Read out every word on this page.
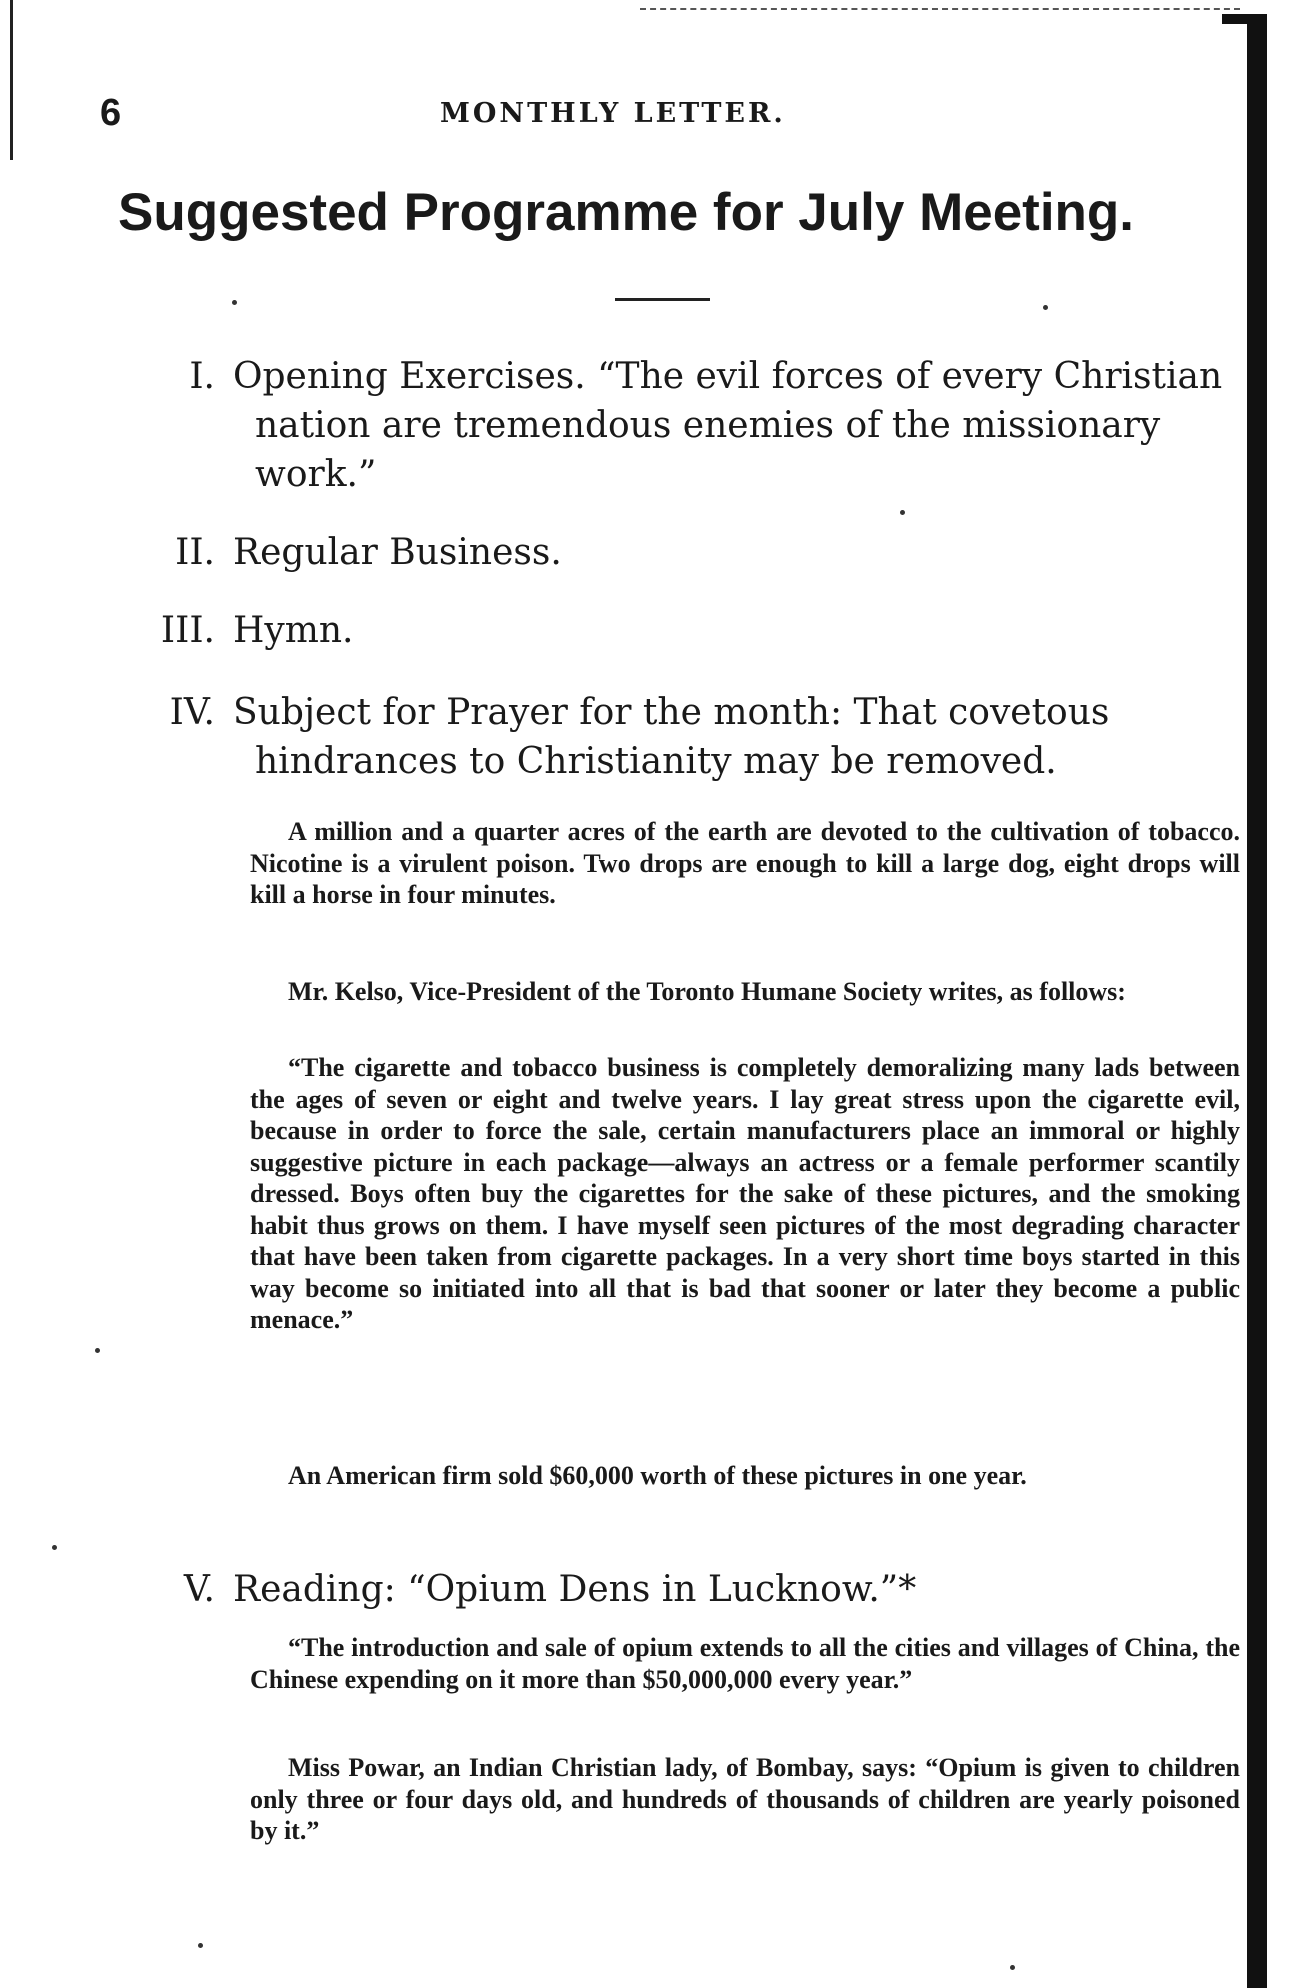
6	MONTHLY LETTER.
Suggested Programme for July Meeting.
I. Opening Exercises. “The evil forces of every Christian nation are tremendous enemies of the missionary work.”
II. Regular Business.
III. Hymn.
IV. Subject for Prayer for the month: That covetous hindrances to Christianity may be removed.
A million and a quarter acres of the earth are devoted to the cultivation of tobacco. Nicotine is a virulent poison. Two drops are enough to kill a large dog, eight drops will kill a horse in four minutes.
Mr. Kelso, Vice-President of the Toronto Humane Society writes, as follows:
“The cigarette and tobacco business is completely demoralizing many lads between the ages of seven or eight and twelve years. I lay great stress upon the cigarette evil, because in order to force the sale, certain manufacturers place an immoral or highly suggestive picture in each package—always an actress or a female performer scantily dressed. Boys often buy the cigarettes for the sake of these pictures, and the smoking habit thus grows on them. I have myself seen pictures of the most degrading character that have been taken from cigarette packages. In a very short time boys started in this way become so initiated into all that is bad that sooner or later they become a public menace.”
An American firm sold $60,000 worth of these pictures in one year.
V. Reading: “Opium Dens in Lucknow.”*
“The introduction and sale of opium extends to all the cities and villages of China, the Chinese expending on it more than $50,000,000 every year.”
Miss Powar, an Indian Christian lady, of Bombay, says: “Opium is given to children only three or four days old, and hundreds of thousands of children are yearly poisoned by it.”
